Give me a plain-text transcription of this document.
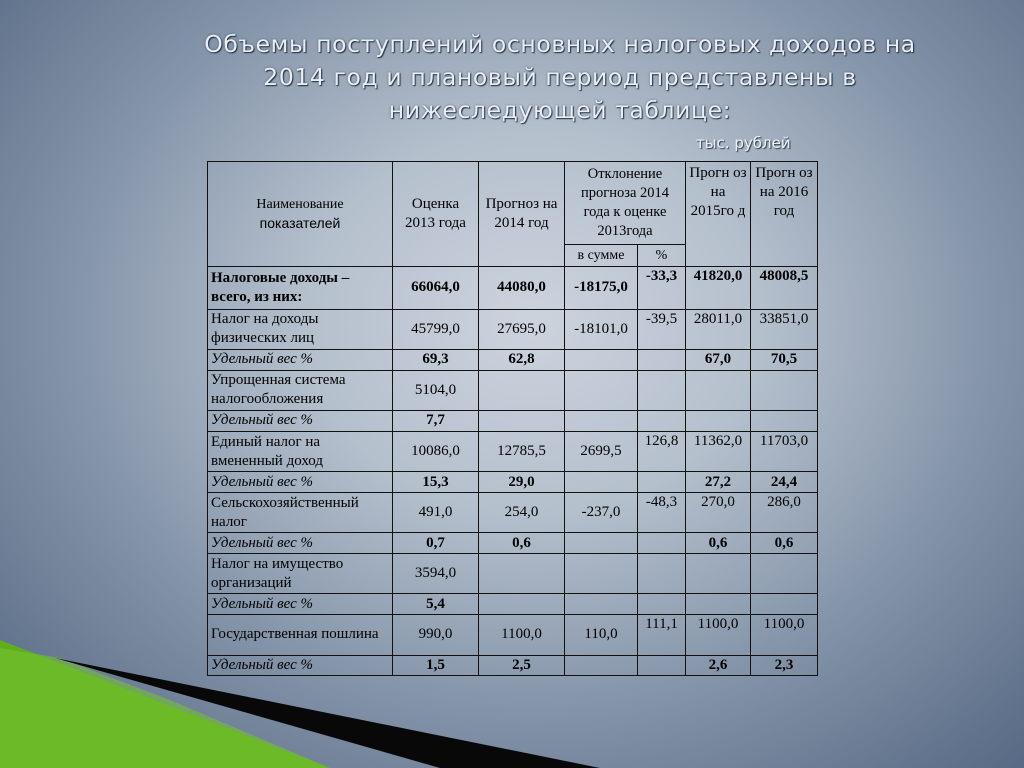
Объемы поступлений основных налоговых доходов на
2014 год и плановый период представлены в
нижеследующей таблице:
тыс. рублей
Наименование
показателей	Оценка 2013 года	Прогноз на 2014 год	Отклонение прогноза 2014 года к оценке 2013года		Прогн оз на 2015го д	Прогн оз на 2016 год
			в сумме	%		
Налоговые доходы – всего, из них:	66064,0	44080,0	-18175,0	-33,3	41820,0	48008,5
Налог на доходы физических лиц	45799,0	27695,0	-18101,0	-39,5	28011,0	33851,0
Удельный вес %	69,3	62,8			67,0	70,5
Упрощенная система налогообложения	5104,0					
Удельный вес %	7,7					
Единый налог на вмененный доход	10086,0	12785,5	2699,5	126,8	11362,0	11703,0
Удельный вес %	15,3	29,0			27,2	24,4
Сельскохозяйственный налог	491,0	254,0	-237,0	-48,3	270,0	286,0
Удельный вес %	0,7	0,6			0,6	0,6
Налог на имущество организаций	3594,0					
Удельный вес %	5,4					
Государственная пошлина	990,0	1100,0	110,0	111,1	1100,0	1100,0
Удельный вес %	1,5	2,5			2,6	2,3
